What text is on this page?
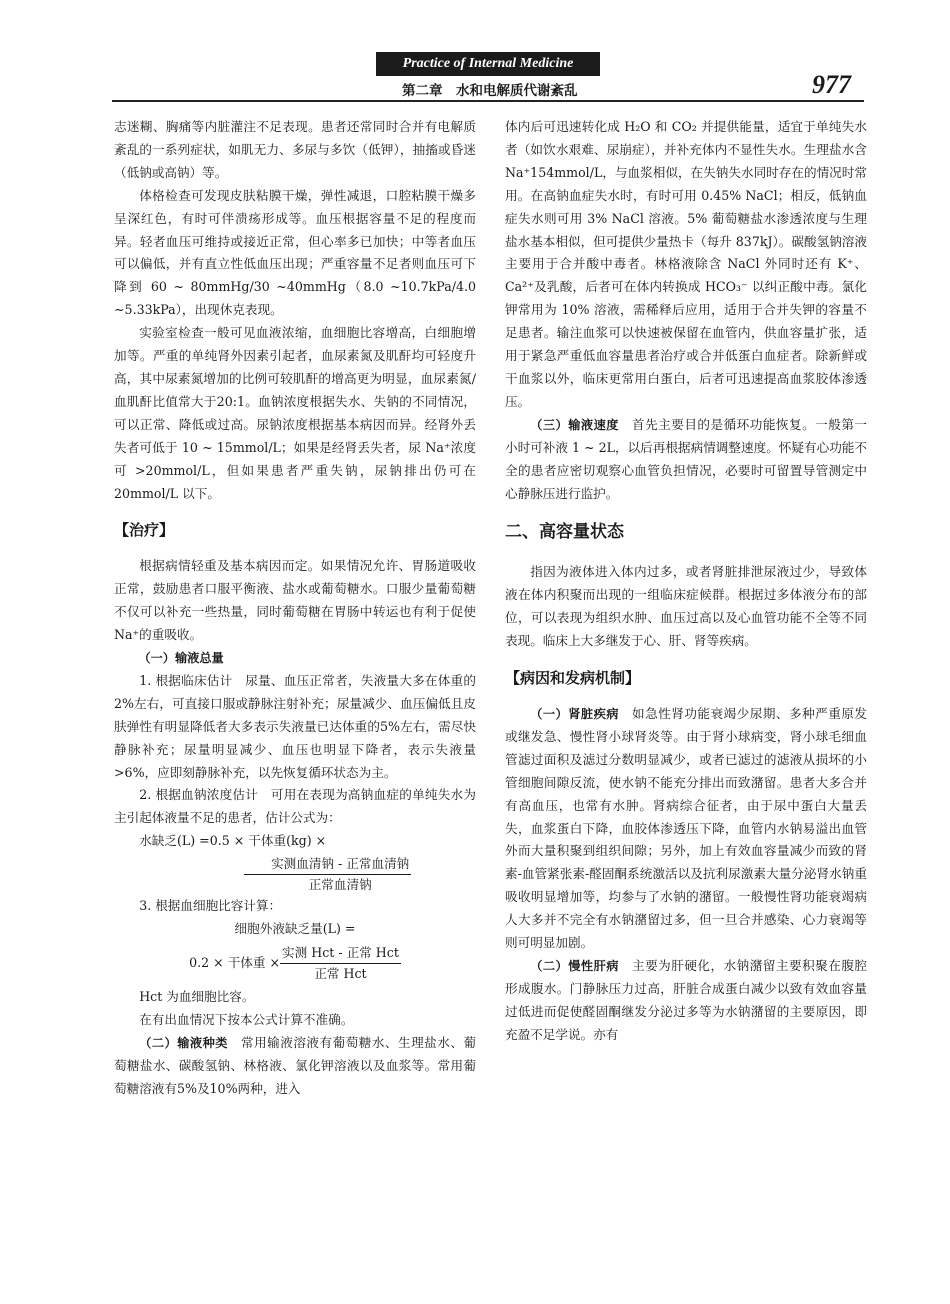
Practice of Internal Medicine
第二章　水和电解质代谢紊乱	977

志迷糊、胸痛等内脏灌注不足表现。患者还常同时合并有电解质紊乱的一系列症状，如肌无力、多尿与多饮（低钾），抽搐或昏迷（低钠或高钠）等。

体格检查可发现皮肤粘膜干燥，弹性减退，口腔粘膜干燥多呈深红色，有时可伴溃疡形成等。血压根据容量不足的程度而异。轻者血压可维持或接近正常，但心率多已加快；中等者血压可以偏低，并有直立性低血压出现；严重容量不足者则血压可下降到 60 ~ 80mmHg/30 ~40mmHg（8.0 ~10.7kPa/4.0 ~5.33kPa），出现休克表现。

实验室检查一般可见血液浓缩，血细胞比容增高，白细胞增加等。严重的单纯肾外因素引起者，血尿素氮及肌酐均可轻度升高，其中尿素氮增加的比例可较肌酐的增高更为明显，血尿素氮/血肌酐比值常大于20:1。血钠浓度根据失水、失钠的不同情况，可以正常、降低或过高。尿钠浓度根据基本病因而异。经肾外丢失者可低于 10 ~ 15mmol/L；如果是经肾丢失者，尿 Na⁺浓度可 >20mmol/L，但如果患者严重失钠，尿钠排出仍可在 20mmol/L 以下。

【治疗】

根据病情轻重及基本病因而定。如果情况允许、胃肠道吸收正常，鼓励患者口服平衡液、盐水或葡萄糖水。口服少量葡萄糖不仅可以补充一些热量，同时葡萄糖在胃肠中转运也有利于促使 Na⁺的重吸收。

（一）输液总量

1. 根据临床估计　尿量、血压正常者，失液量大多在体重的2%左右，可直接口服或静脉注射补充；尿量减少、血压偏低且皮肤弹性有明显降低者大多表示失液量已达体重的5%左右，需尽快静脉补充；尿量明显减少、血压也明显下降者，表示失液量 >6%，应即刻静脉补充，以先恢复循环状态为主。

2. 根据血钠浓度估计　可用在表现为高钠血症的单纯失水为主引起体液量不足的患者，估计公式为：

水缺乏(L) =0.5 × 干体重(kg) ×
$\frac{\text{实测血清钠 - 正常血清钠}}{\text{正常血清钠}}$

3. 根据血细胞比容计算：

细胞外液缺乏量(L) =
0.2 × 干体重 × $\frac{\text{实测 Hct - 正常 Hct}}{\text{正常 Hct}}$

Hct 为血细胞比容。

在有出血情况下按本公式计算不准确。

（二）输液种类　常用输液溶液有葡萄糖水、生理盐水、葡萄糖盐水、碳酸氢钠、林格液、氯化钾溶液以及血浆等。常用葡萄糖溶液有5%及10%两种，进入

体内后可迅速转化成 H₂O 和 CO₂ 并提供能量，适宜于单纯失水者（如饮水艰难、尿崩症），并补充体内不显性失水。生理盐水含 Na⁺154mmol/L，与血浆相似，在失钠失水同时存在的情况时常用。在高钠血症失水时，有时可用 0.45% NaCl；相反，低钠血症失水则可用 3% NaCl 溶液。5% 葡萄糖盐水渗透浓度与生理盐水基本相似，但可提供少量热卡（每升 837kJ）。碳酸氢钠溶液主要用于合并酸中毒者。林格液除含 NaCl 外同时还有 K⁺、Ca²⁺及乳酸，后者可在体内转换成 HCO₃⁻ 以纠正酸中毒。氯化钾常用为 10% 溶液，需稀释后应用，适用于合并失钾的容量不足患者。输注血浆可以快速被保留在血管内，供血容量扩张，适用于紧急严重低血容量患者治疗或合并低蛋白血症者。除新鲜或干血浆以外，临床更常用白蛋白，后者可迅速提高血浆胶体渗透压。

（三）输液速度　首先主要目的是循环功能恢复。一般第一小时可补液 1 ~ 2L，以后再根据病情调整速度。怀疑有心功能不全的患者应密切观察心血管负担情况，必要时可留置导管测定中心静脉压进行监护。

二、高容量状态

指因为液体进入体内过多，或者肾脏排泄尿液过少，导致体液在体内积聚而出现的一组临床症候群。根据过多体液分布的部位，可以表现为组织水肿、血压过高以及心血管功能不全等不同表现。临床上大多继发于心、肝、肾等疾病。

【病因和发病机制】

（一）肾脏疾病　如急性肾功能衰竭少尿期、多种严重原发或继发急、慢性肾小球肾炎等。由于肾小球病变，肾小球毛细血管滤过面积及滤过分数明显减少，或者已滤过的滤液从损坏的小管细胞间隙反流，使水钠不能充分排出而致潴留。患者大多合并有高血压，也常有水肿。肾病综合征者，由于尿中蛋白大量丢失，血浆蛋白下降，血胶体渗透压下降，血管内水钠易溢出血管外而大量积聚到组织间隙；另外，加上有效血容量减少而致的肾素-血管紧张素-醛固酮系统激活以及抗利尿激素大量分泌肾水钠重吸收明显增加等，均参与了水钠的潴留。一般慢性肾功能衰竭病人大多并不完全有水钠潴留过多，但一旦合并感染、心力衰竭等则可明显加剧。

（二）慢性肝病　主要为肝硬化，水钠潴留主要积聚在腹腔形成腹水。门静脉压力过高，肝脏合成蛋白减少以致有效血容量过低进而促使醛固酮继发分泌过多等为水钠潴留的主要原因，即充盈不足学说。亦有
